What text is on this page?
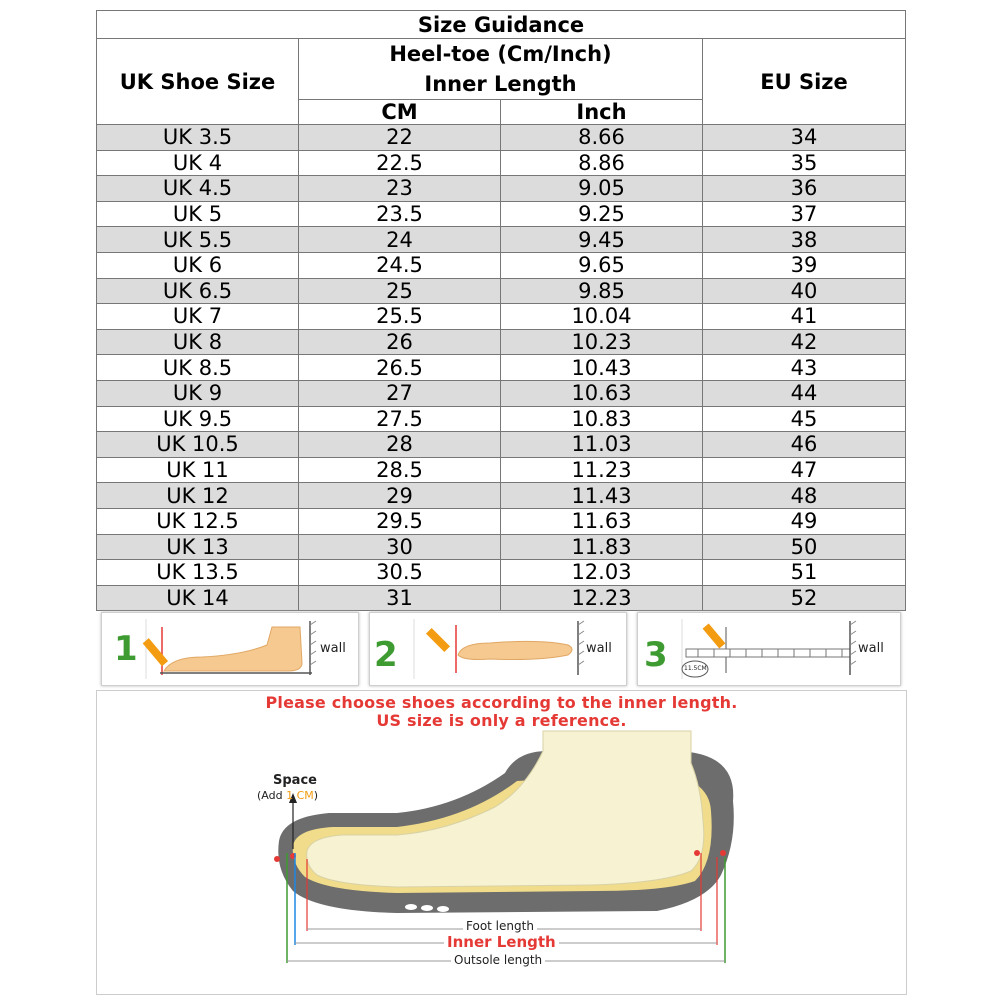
Size Guidance			
UK Shoe Size	Heel-toe (Cm/Inch)
Inner Length		EU Size
	CM	Inch	
UK 3.5	22	8.66	34
UK 4	22.5	8.86	35
UK 4.5	23	9.05	36
UK 5	23.5	9.25	37
UK 5.5	24	9.45	38
UK 6	24.5	9.65	39
UK 6.5	25	9.85	40
UK 7	25.5	10.04	41
UK 8	26	10.23	42
UK 8.5	26.5	10.43	43
UK 9	27	10.63	44
UK 9.5	27.5	10.83	45
UK 10.5	28	11.03	46
UK 11	28.5	11.23	47
UK 12	29	11.43	48
UK 12.5	29.5	11.63	49
UK 13	30	11.83	50
UK 13.5	30.5	12.03	51
UK 14	31	12.23	52
1	wall 2	wall 3	11.5CM
wall
Please choose shoes according to the inner length.
US size is only a reference.
Space
(Add 1 CM)
Foot length
Inner Length
Outsole length
